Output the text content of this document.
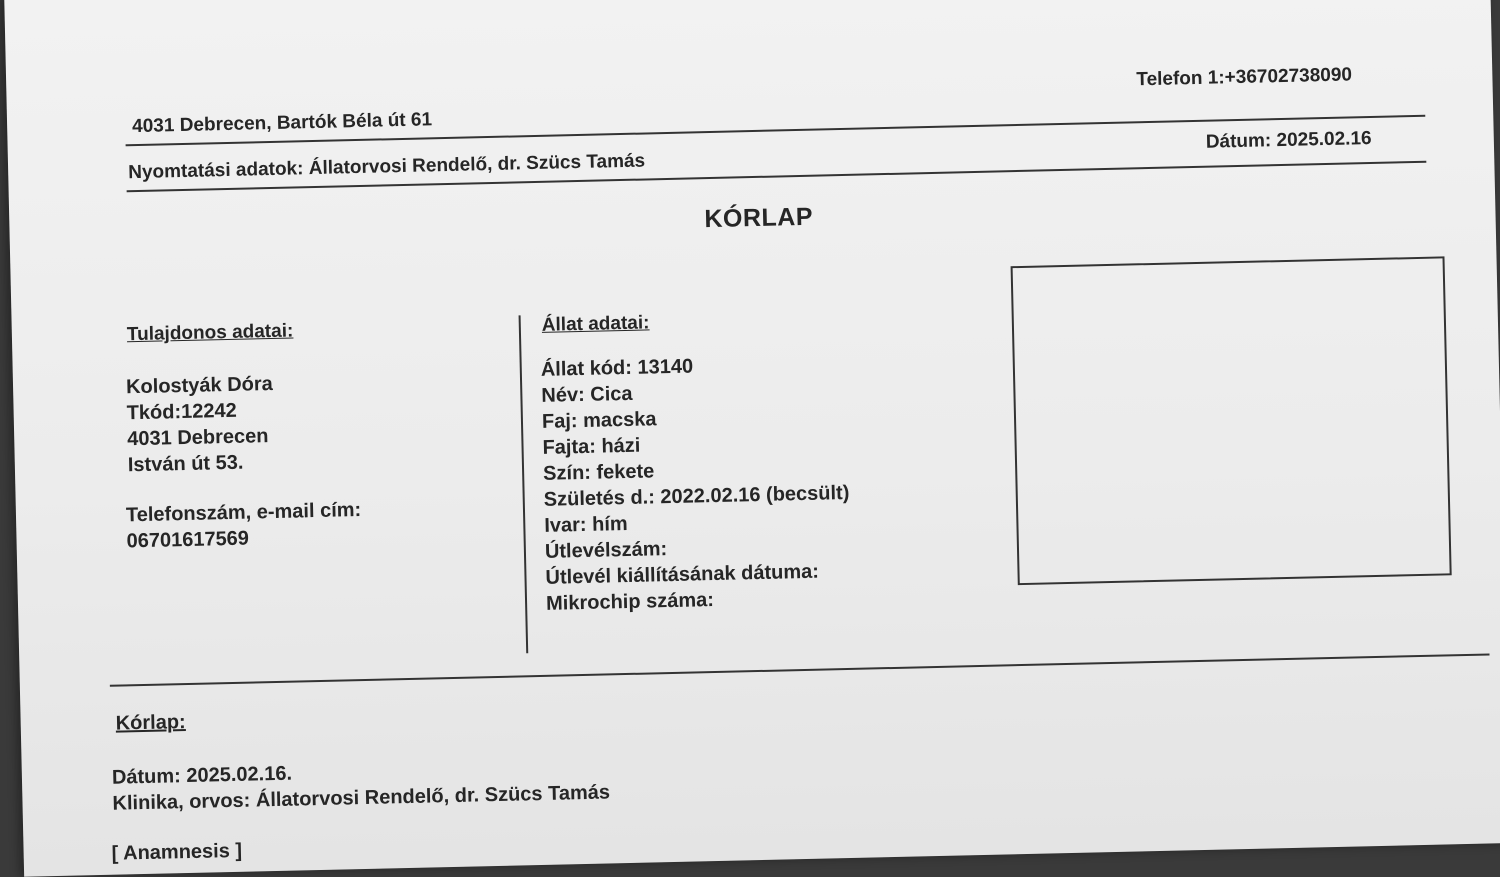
4031 Debrecen, Bartók Béla út 61
Telefon 1:+36702738090
Nyomtatási adatok: Állatorvosi Rendelő, dr. Szücs Tamás
Dátum: 2025.02.16
KÓRLAP
Tulajdonos adatai:
Kolostyák Dóra
Tkód:12242
4031 Debrecen
István út 53.
Telefonszám, e-mail cím:
06701617569
Állat adatai:
Állat kód: 13140
Név: Cica
Faj: macska
Fajta: házi
Szín: fekete
Születés d.: 2022.02.16 (becsült)
Ivar: hím
Útlevélszám:
Útlevél kiállításának dátuma:
Mikrochip száma:
Kórlap:
Dátum: 2025.02.16.
Klinika, orvos: Állatorvosi Rendelő, dr. Szücs Tamás
[ Anamnesis ]
